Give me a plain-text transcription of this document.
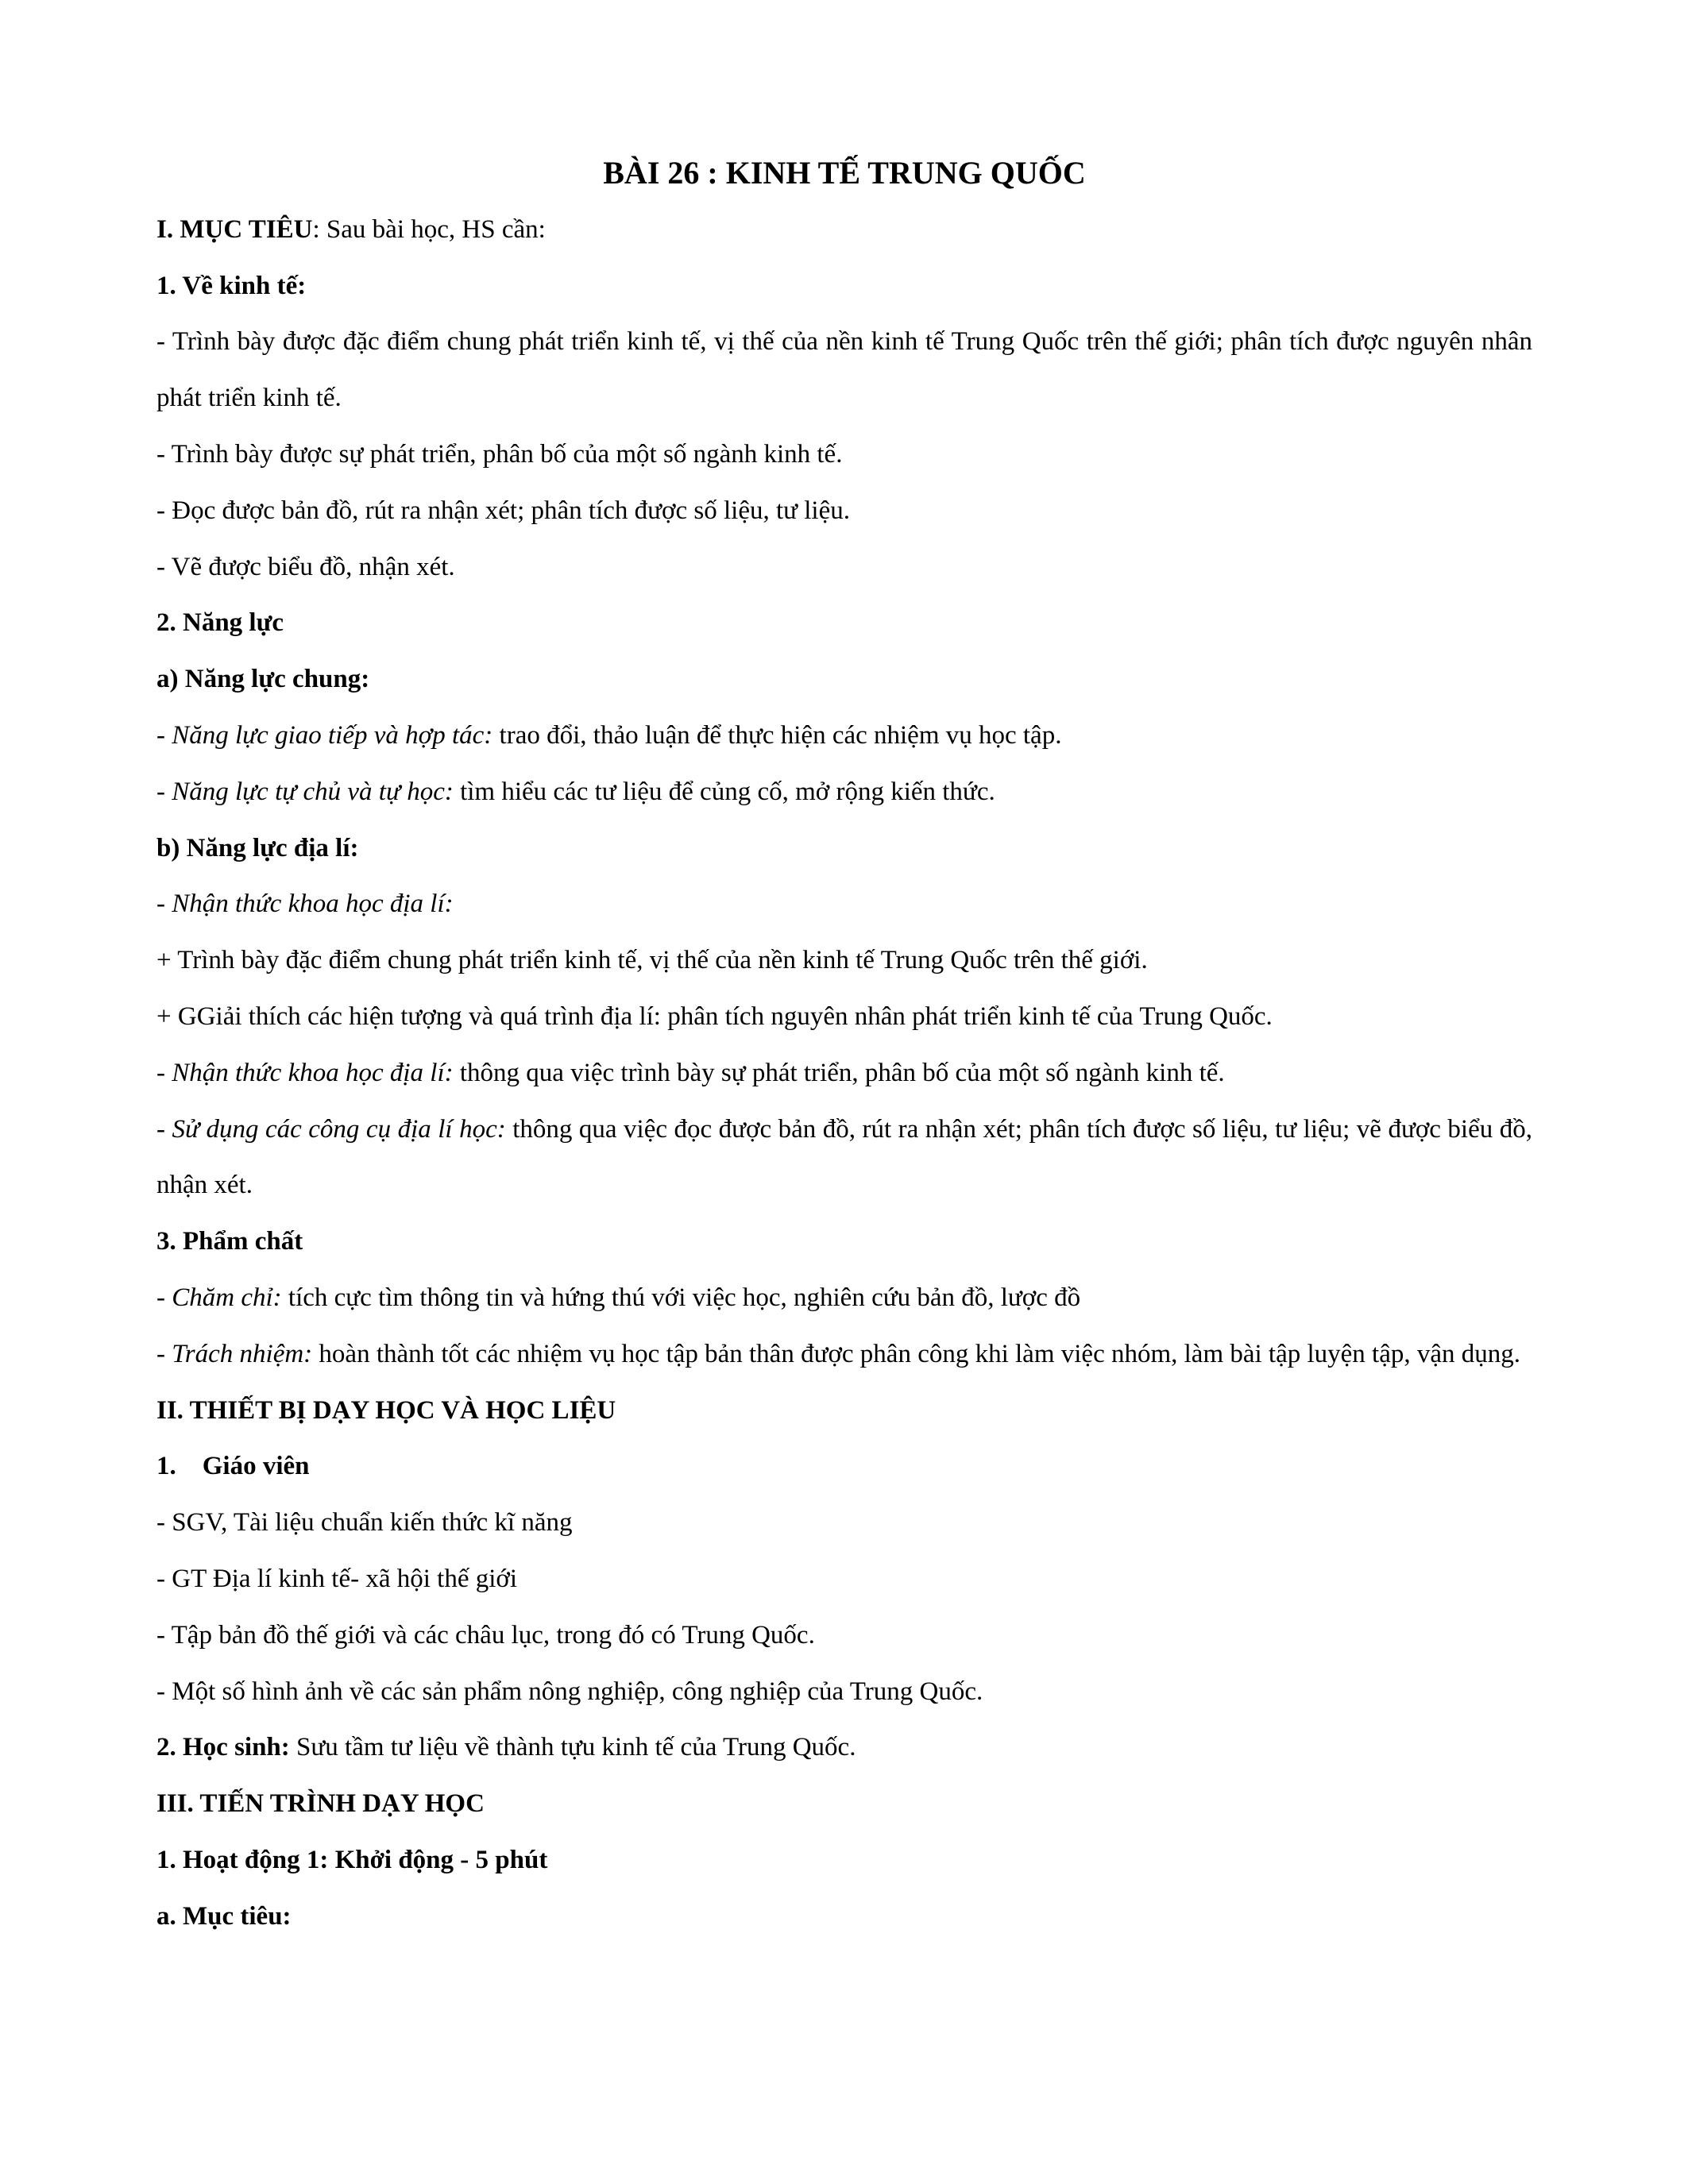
BÀI 26 : KINH TẾ TRUNG QUỐC

I. MỤC TIÊU: Sau bài học, HS cần:

1. Về kinh tế:

- Trình bày được đặc điểm chung phát triển kinh tế, vị thế của nền kinh tế Trung Quốc trên thế giới; phân tích được nguyên nhân phát triển kinh tế.

- Trình bày được sự phát triển, phân bố của một số ngành kinh tế.

- Đọc được bản đồ, rút ra nhận xét; phân tích được số liệu, tư liệu.

- Vẽ được biểu đồ, nhận xét.

2. Năng lực

a) Năng lực chung:

- Năng lực giao tiếp và hợp tác: trao đổi, thảo luận để thực hiện các nhiệm vụ học tập.

- Năng lực tự chủ và tự học: tìm hiểu các tư liệu để củng cố, mở rộng kiến thức.

b) Năng lực địa lí:

- Nhận thức khoa học địa lí:

+ Trình bày đặc điểm chung phát triển kinh tế, vị thế của nền kinh tế Trung Quốc trên thế giới.

+ GGiải thích các hiện tượng và quá trình địa lí: phân tích nguyên nhân phát triển kinh tế của Trung Quốc.

- Nhận thức khoa học địa lí: thông qua việc trình bày sự phát triển, phân bố của một số ngành kinh tế.

- Sử dụng các công cụ địa lí học: thông qua việc đọc được bản đồ, rút ra nhận xét; phân tích được số liệu, tư liệu; vẽ được biểu đồ, nhận xét.

3. Phẩm chất

- Chăm chỉ: tích cực tìm thông tin và hứng thú với việc học, nghiên cứu bản đồ, lược đồ

- Trách nhiệm: hoàn thành tốt các nhiệm vụ học tập bản thân được phân công khi làm việc nhóm, làm bài tập luyện tập, vận dụng.

II. THIẾT BỊ DẠY HỌC VÀ HỌC LIỆU

1. Giáo viên

- SGV, Tài liệu chuẩn kiến thức kĩ năng

- GT Địa lí kinh tế- xã hội thế giới

- Tập bản đồ thế giới và các châu lục, trong đó có Trung Quốc.

- Một số hình ảnh về các sản phẩm nông nghiệp, công nghiệp của Trung Quốc.

2. Học sinh: Sưu tầm tư liệu về thành tựu kinh tế của Trung Quốc.

III. TIẾN TRÌNH DẠY HỌC

1. Hoạt động 1: Khởi động - 5 phút

a. Mục tiêu:
